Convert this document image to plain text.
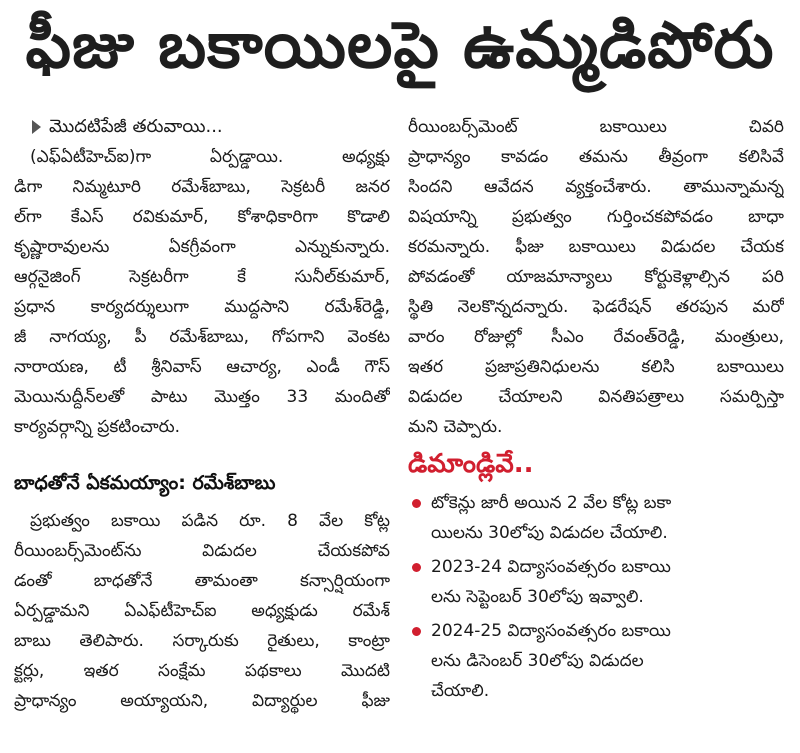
ఫీజు బకాయిలపై ఉమ్మడిపోరు
మొదటిపేజీ తరువాయి...
(ఎఫ్ఏటీహెచ్ఐ)గా ఏర్పడ్డాయి. అధ్యక్షు
డిగా నిమ్మటూరి రమేశ్‌బాబు, సెక్రటరీ జనర
ల్‌గా కేఎస్ రవికుమార్, కోశాధికారిగా కొడాలి
కృష్ణారావులను ఏకగ్రీవంగా ఎన్నుకున్నారు.
ఆర్గనైజింగ్ సెక్రటరీగా కే సునీల్‌కుమార్,
ప్రధాన కార్యదర్శులుగా ముద్దసాని రమేశ్‌రెడ్డి,
జీ నాగయ్య, పీ రమేశ్‌బాబు, గోపగాని వెంకట
నారాయణ, టీ శ్రీనివాస్ ఆచార్య, ఎండీ గౌస్
మెయినుద్దీన్‌లతో పాటు మొత్తం 33 మందితో
కార్యవర్గాన్ని ప్రకటించారు.
బాధతోనే ఏకమయ్యాం: రమేశ్‌బాబు
ప్రభుత్వం బకాయి పడిన రూ. 8 వేల కోట్ల
రీయింబర్స్‌మెంట్‌ను విడుదల చేయకపోవ
డంతో బాధతోనే తామంతా కన్సార్షియంగా
ఏర్పడ్డామని ఏఎఫ్‌టీహెచ్ఐ అధ్యక్షుడు రమేశ్
బాబు తెలిపారు. సర్కారుకు రైతులు, కాంట్రా
క్టర్లు, ఇతర సంక్షేమ పథకాలు మొదటి
ప్రాధాన్యం అయ్యాయని, విద్యార్థుల ఫీజు
రీయింబర్స్‌మెంట్ బకాయిలు చివరి
ప్రాధాన్యం కావడం తమను తీవ్రంగా కలిసివే
సిందని ఆవేదన వ్యక్తంచేశారు. తామున్నామన్న
విషయాన్ని ప్రభుత్వం గుర్తించకపోవడం బాధా
కరమన్నారు. ఫీజు బకాయిలు విడుదల చేయక
పోవడంతో యాజమాన్యాలు కోర్టుకెళ్లాల్సిన పరి
స్థితి నెలకొన్నదన్నారు. ఫెడరేషన్ తరపున మరో
వారం రోజుల్లో సీఎం రేవంత్‌రెడ్డి, మంత్రులు,
ఇతర ప్రజాప్రతినిధులను కలిసి బకాయిలు
విడుదల చేయాలని వినతిపత్రాలు సమర్పిస్తా
మని చెప్పారు.
డిమాండ్లివే..
టోకెన్లు జారీ అయిన 2 వేల కోట్ల బకా
యిలను 30లోపు విడుదల చేయాలి.
2023-24 విద్యాసంవత్సరం బకాయి
లను సెప్టెంబర్ 30లోపు ఇవ్వాలి.
2024-25 విద్యాసంవత్సరం బకాయి
లను డిసెంబర్ 30లోపు విడుదల
చేయాలి.
